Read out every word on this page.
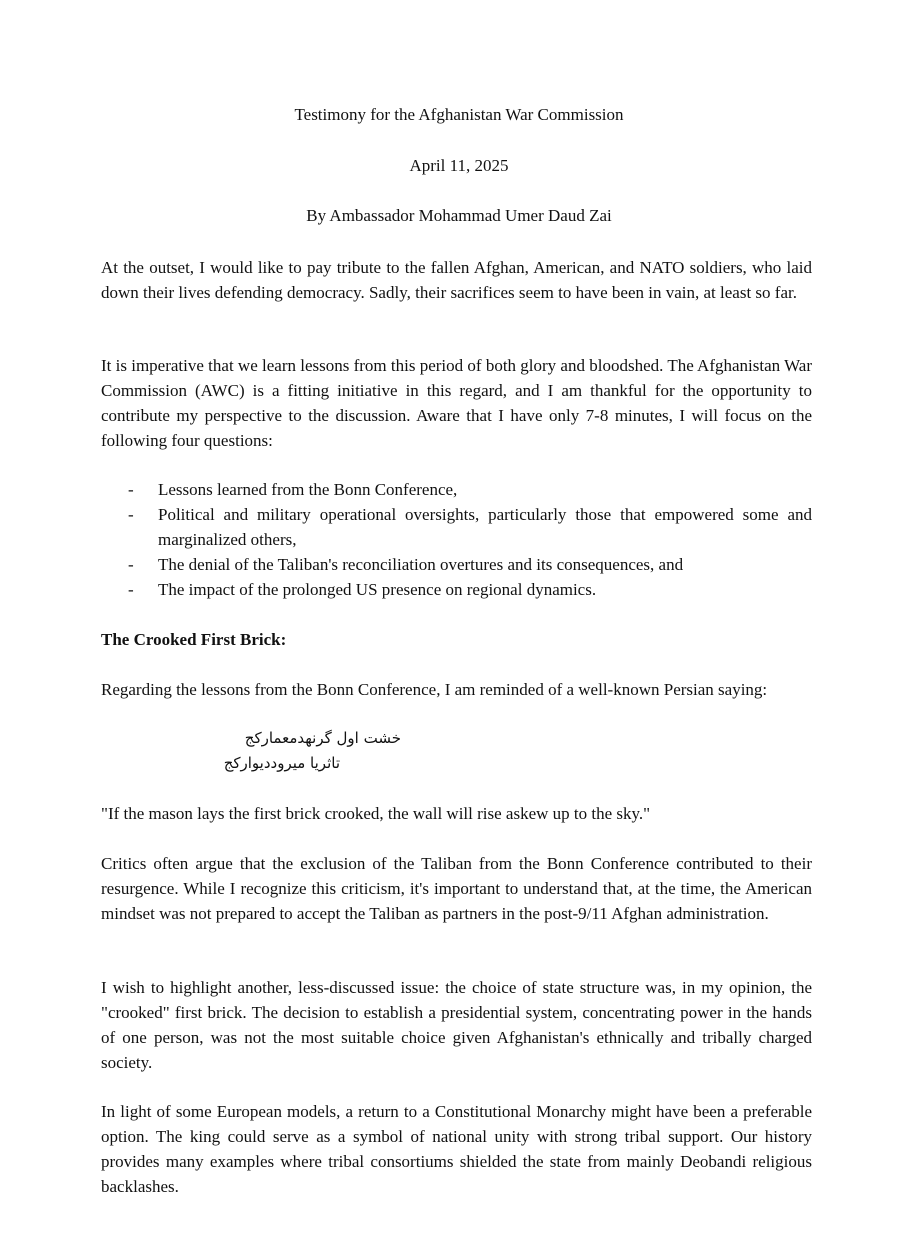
Testimony for the Afghanistan War Commission

April 11, 2025

By Ambassador Mohammad Umer Daud Zai

At the outset, I would like to pay tribute to the fallen Afghan, American, and NATO soldiers, who laid down their lives defending democracy. Sadly, their sacrifices seem to have been in vain, at least so far.

It is imperative that we learn lessons from this period of both glory and bloodshed. The Afghanistan War Commission (AWC) is a fitting initiative in this regard, and I am thankful for the opportunity to contribute my perspective to the discussion. Aware that I have only 7-8 minutes, I will focus on the following four questions:

- Lessons learned from the Bonn Conference,
- Political and military operational oversights, particularly those that empowered some and marginalized others,
- The denial of the Taliban's reconciliation overtures and its consequences, and
- The impact of the prolonged US presence on regional dynamics.

The Crooked First Brick:

Regarding the lessons from the Bonn Conference, I am reminded of a well-known Persian saying:

خشت اول گرنهدمعمارکج

تاثریا میرودديوارکج

"If the mason lays the first brick crooked, the wall will rise askew up to the sky."

Critics often argue that the exclusion of the Taliban from the Bonn Conference contributed to their resurgence. While I recognize this criticism, it's important to understand that, at the time, the American mindset was not prepared to accept the Taliban as partners in the post-9/11 Afghan administration.

I wish to highlight another, less-discussed issue: the choice of state structure was, in my opinion, the "crooked" first brick. The decision to establish a presidential system, concentrating power in the hands of one person, was not the most suitable choice given Afghanistan's ethnically and tribally charged society.

In light of some European models, a return to a Constitutional Monarchy might have been a preferable option. The king could serve as a symbol of national unity with strong tribal support. Our history provides many examples where tribal consortiums shielded the state from mainly Deobandi religious backlashes.
